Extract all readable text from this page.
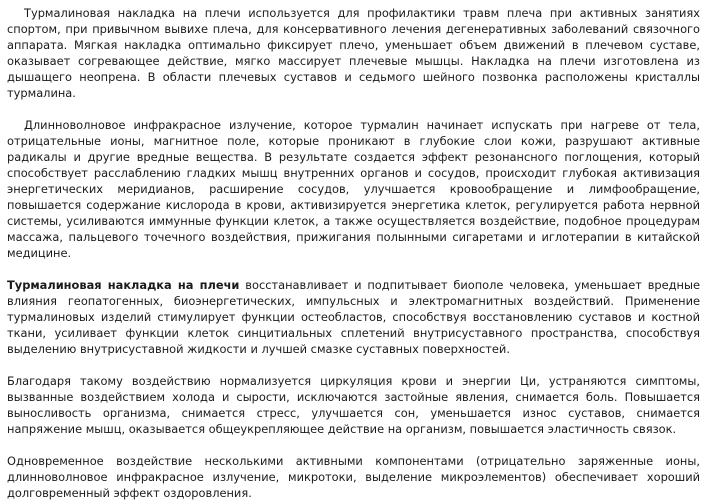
Турмалиновая накладка на плечи используется для профилактики травм плеча при активных занятиях спортом, при привычном вывихе плеча, для консервативного лечения дегенеративных заболеваний связочного аппарата. Мягкая накладка оптимально фиксирует плечо, уменьшает объем движений в плечевом суставе, оказывает согревающее действие, мягко массирует плечевые мышцы. Накладка на плечи изготовлена из дышащего неопрена. В области плечевых суставов и седьмого шейного позвонка расположены кристаллы турмалина.

Длинноволновое инфракрасное излучение, которое турмалин начинает испускать при нагреве от тела, отрицательные ионы, магнитное поле, которые проникают в глубокие слои кожи, разрушают активные радикалы и другие вредные вещества. В результате создается эффект резонансного поглощения, который способствует расслаблению гладких мышц внутренних органов и сосудов, происходит глубокая активизация энергетических меридианов, расширение сосудов, улучшается кровообращение и лимфообращение, повышается содержание кислорода в крови, активизируется энергетика клеток, регулируется работа нервной системы, усиливаются иммунные функции клеток, а также осуществляется воздействие, подобное процедурам массажа, пальцевого точечного воздействия, прижигания полынными сигаретами и иглотерапии в китайской медицине.

Турмалиновая накладка на плечи восстанавливает и подпитывает биополе человека, уменьшает вредные влияния геопатогенных, биоэнергетических, импульсных и электромагнитных воздействий. Применение турмалиновых изделий стимулирует функции остеобластов, способствуя восстановлению суставов и костной ткани, усиливает функции клеток синцитиальных сплетений внутрисуставного пространства, способствуя выделению внутрисуставной жидкости и лучшей смазке суставных поверхностей.

Благодаря такому воздействию нормализуется циркуляция крови и энергии Ци, устраняются симптомы, вызванные воздействием холода и сырости, исключаются застойные явления, снимается боль. Повышается выносливость организма, снимается стресс, улучшается сон, уменьшается износ суставов, снимается напряжение мышц, оказывается общеукрепляющее действие на организм, повышается эластичность связок.

Одновременное воздействие несколькими активными компонентами (отрицательно заряженные ионы, длинноволновое инфракрасное излучение, микротоки, выделение микроэлементов) обеспечивает хороший долговременный эффект оздоровления.
